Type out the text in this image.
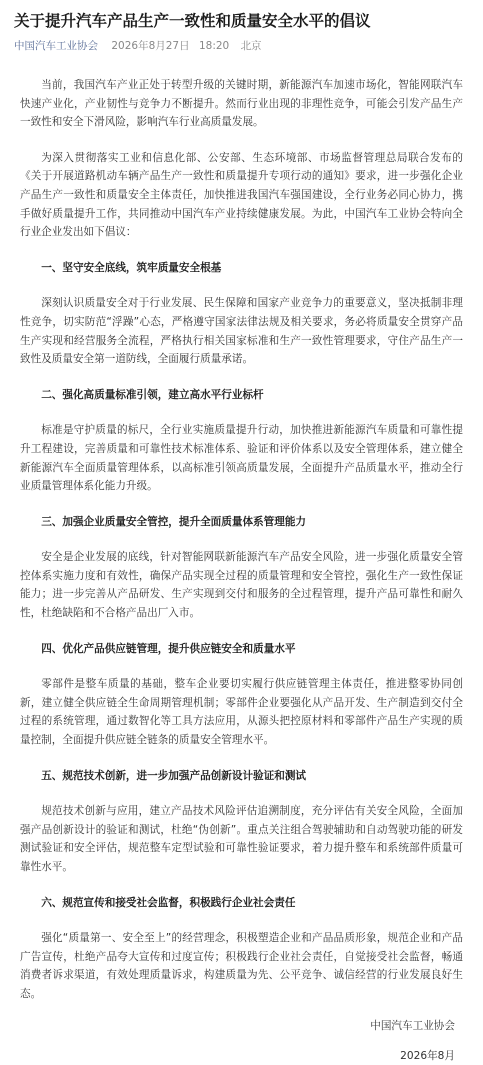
关于提升汽车产品生产一致性和质量安全水平的倡议
中国汽车工业协会 2026年8月27日 18:20 北京

当前，我国汽车产业正处于转型升级的关键时期，新能源汽车加速市场化，智能网联汽车快速产业化，产业韧性与竞争力不断提升。然而行业出现的非理性竞争，可能会引发产品生产一致性和安全下滑风险，影响汽车行业高质量发展。

为深入贯彻落实工业和信息化部、公安部、生态环境部、市场监督管理总局联合发布的《关于开展道路机动车辆产品生产一致性和质量提升专项行动的通知》要求，进一步强化企业产品生产一致性和质量安全主体责任，加快推进我国汽车强国建设，全行业务必同心协力，携手做好质量提升工作，共同推动中国汽车产业持续健康发展。为此，中国汽车工业协会特向全行业企业发出如下倡议：

一、坚守安全底线，筑牢质量安全根基

深刻认识质量安全对于行业发展、民生保障和国家产业竞争力的重要意义，坚决抵制非理性竞争，切实防范“浮躁”心态，严格遵守国家法律法规及相关要求，务必将质量安全贯穿产品生产实现和经营服务全流程，严格执行相关国家标准和生产一致性管理要求，守住产品生产一致性及质量安全第一道防线，全面履行质量承诺。

二、强化高质量标准引领，建立高水平行业标杆

标准是守护质量的标尺，全行业实施质量提升行动，加快推进新能源汽车质量和可靠性提升工程建设，完善质量和可靠性技术标准体系、验证和评价体系以及安全管理体系，建立健全新能源汽车全面质量管理体系，以高标准引领高质量发展，全面提升产品质量水平，推动全行业质量管理体系化能力升级。

三、加强企业质量安全管控，提升全面质量体系管理能力

安全是企业发展的底线，针对智能网联新能源汽车产品安全风险，进一步强化质量安全管控体系实施力度和有效性，确保产品实现全过程的质量管理和安全管控，强化生产一致性保证能力；进一步完善从产品研发、生产实现到交付和服务的全过程管理，提升产品可靠性和耐久性，杜绝缺陷和不合格产品出厂入市。

四、优化产品供应链管理，提升供应链安全和质量水平

零部件是整车质量的基础，整车企业要切实履行供应链管理主体责任，推进整零协同创新，建立健全供应链全生命周期管理机制；零部件企业要强化从产品开发、生产制造到交付全过程的系统管理，通过数智化等工具方法应用，从源头把控原材料和零部件产品生产实现的质量控制，全面提升供应链全链条的质量安全管理水平。

五、规范技术创新，进一步加强产品创新设计验证和测试

规范技术创新与应用，建立产品技术风险评估追溯制度，充分评估有关安全风险，全面加强产品创新设计的验证和测试，杜绝“伪创新”。重点关注组合驾驶辅助和自动驾驶功能的研发测试验证和安全评估，规范整车定型试验和可靠性验证要求，着力提升整车和系统部件质量可靠性水平。

六、规范宣传和接受社会监督，积极践行企业社会责任

强化“质量第一、安全至上”的经营理念，积极塑造企业和产品品质形象，规范企业和产品广告宣传，杜绝产品夸大宣传和过度宣传；积极践行企业社会责任，自觉接受社会监督，畅通消费者诉求渠道，有效处理质量诉求，构建质量为先、公平竞争、诚信经营的行业发展良好生态。

中国汽车工业协会

2026年8月
